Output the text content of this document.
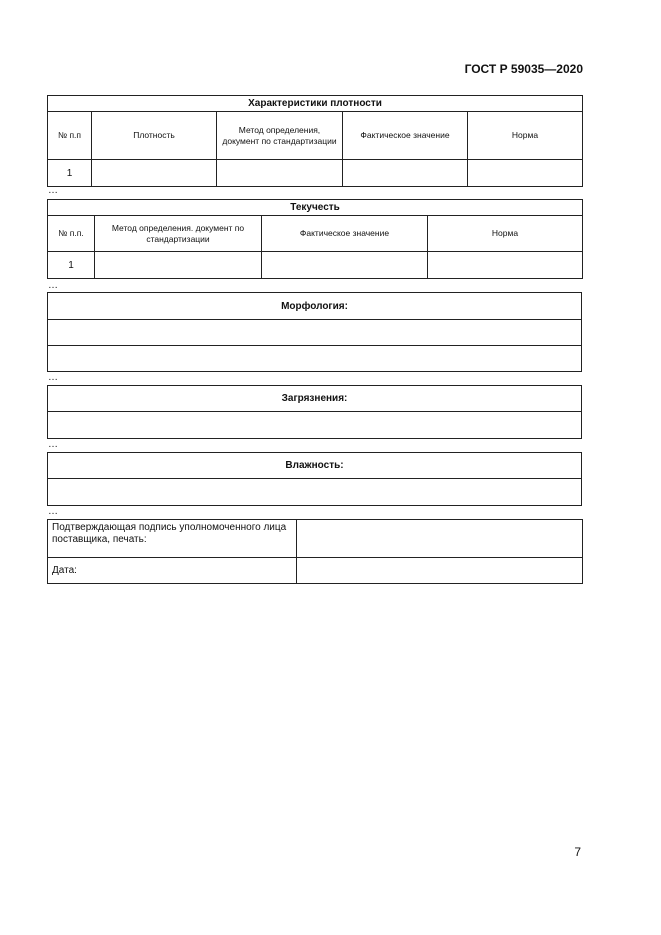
ГОСТ Р 59035—2020
Характеристики плотности				
№ п.п	Плотность	Метод определения, документ по стандартизации	Фактическое значение	Норма
1				
…
Текучесть			
№ п.п.	Метод определения. документ по стандартизации	Фактическое значение	Норма
1			
…
Морфология:

…
Загрязнения:

…
Влажность:

…
Подтверждающая подпись уполномоченного лица поставщика, печать:	
Дата:	
7
